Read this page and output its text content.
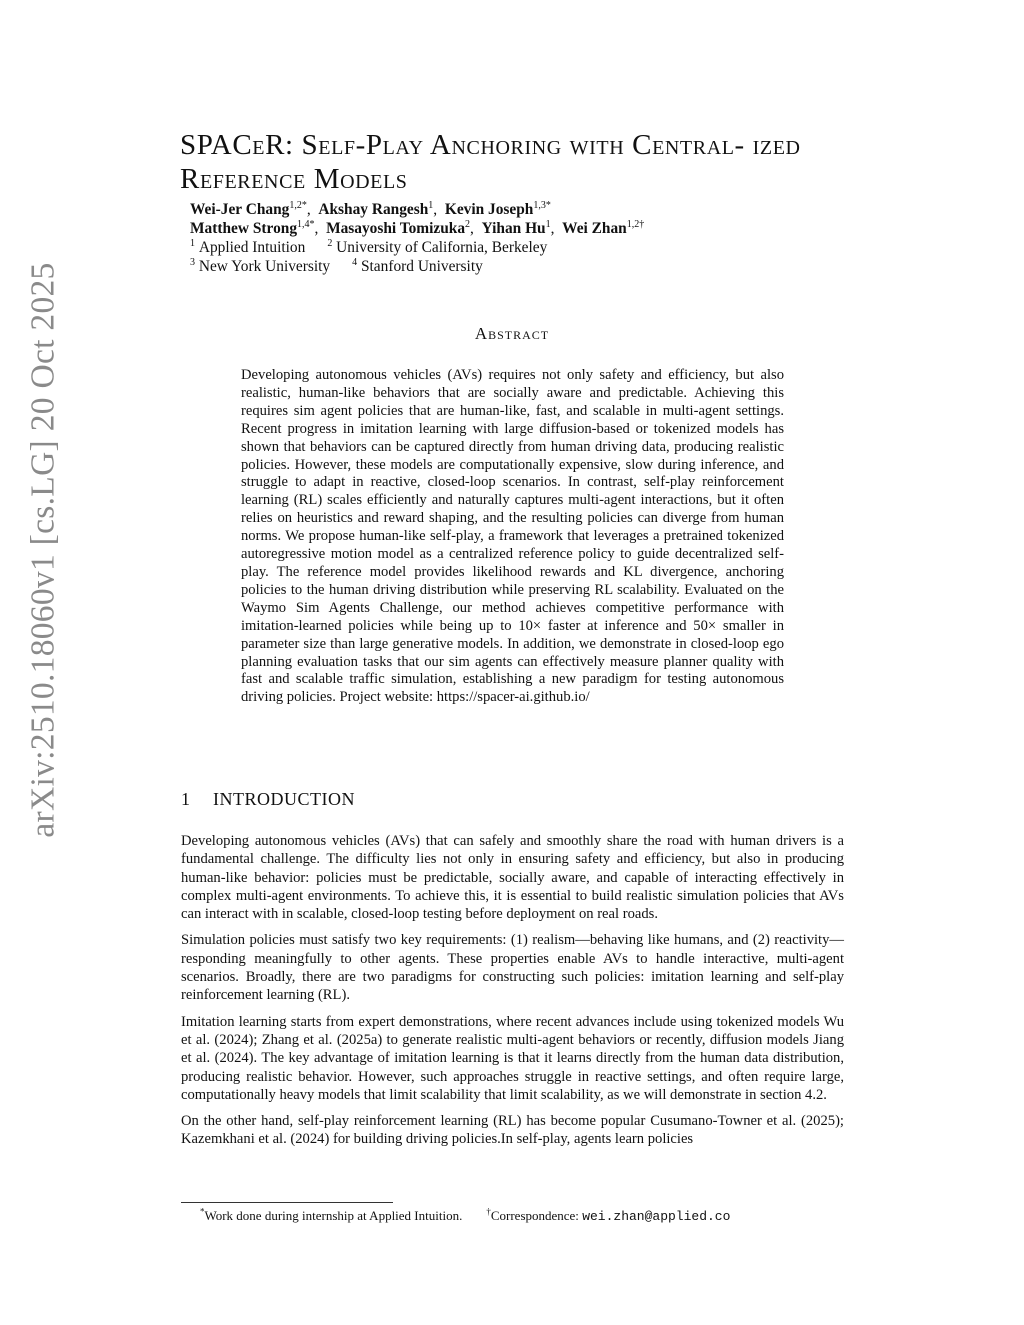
arXiv:2510.18060v1 [cs.LG] 20 Oct 2025
SPACeR: Self-Play Anchoring with Central- ized Reference Models
Wei-Jer Chang$^{1,2*}$,  Akshay Rangesh$^1$,  Kevin Joseph$^{1,3*}$
Matthew Strong$^{1,4*}$,  Masayoshi Tomizuka$^2$,  Yihan Hu$^1$,  Wei Zhan$^{1,2\dagger}$
$^1$ Applied Intuition $^2$ University of California, Berkeley
$^3$ New York University $^4$ Stanford University
Abstract
Developing autonomous vehicles (AVs) requires not only safety and efficiency, but also realistic, human-like behaviors that are socially aware and predictable. Achieving this requires sim agent policies that are human-like, fast, and scalable in multi-agent settings. Recent progress in imitation learning with large diffusion-based or tokenized models has shown that behaviors can be captured directly from human driving data, producing realistic policies. However, these models are computationally expensive, slow during inference, and struggle to adapt in reactive, closed-loop scenarios. In contrast, self-play reinforcement learning (RL) scales efficiently and naturally captures multi-agent interactions, but it often relies on heuristics and reward shaping, and the resulting policies can diverge from human norms. We propose human-like self-play, a framework that leverages a pretrained tokenized autoregressive motion model as a centralized reference policy to guide decentralized self-play. The reference model provides likelihood rewards and KL divergence, anchoring policies to the human driving distribution while preserving RL scalability. Evaluated on the Waymo Sim Agents Challenge, our method achieves competitive performance with imitation-learned policies while being up to 10× faster at inference and 50× smaller in parameter size than large generative models. In addition, we demonstrate in closed-loop ego planning evaluation tasks that our sim agents can effectively measure planner quality with fast and scalable traffic simulation, establishing a new paradigm for testing autonomous driving policies. Project website: https://spacer-ai.github.io/
1 INTRODUCTION

Developing autonomous vehicles (AVs) that can safely and smoothly share the road with human drivers is a fundamental challenge. The difficulty lies not only in ensuring safety and efficiency, but also in producing human-like behavior: policies must be predictable, socially aware, and capable of interacting effectively in complex multi-agent environments. To achieve this, it is essential to build realistic simulation policies that AVs can interact with in scalable, closed-loop testing before deployment on real roads.

Simulation policies must satisfy two key requirements: (1) realism—behaving like humans, and (2) reactivity—responding meaningfully to other agents. These properties enable AVs to handle interactive, multi-agent scenarios. Broadly, there are two paradigms for constructing such policies: imitation learning and self-play reinforcement learning (RL).

Imitation learning starts from expert demonstrations, where recent advances include using tokenized models Wu et al. (2024); Zhang et al. (2025a) to generate realistic multi-agent behaviors or recently, diffusion models Jiang et al. (2024). The key advantage of imitation learning is that it learns directly from the human data distribution, producing realistic behavior. However, such approaches struggle in reactive settings, and often require large, computationally heavy models that limit scalability that limit scalability, as we will demonstrate in section 4.2.

On the other hand, self-play reinforcement learning (RL) has become popular Cusumano-Towner et al. (2025); Kazemkhani et al. (2024) for building driving policies.In self-play, agents learn policies

*Work done during internship at Applied Intuition.	†Correspondence: wei.zhan@applied.co
